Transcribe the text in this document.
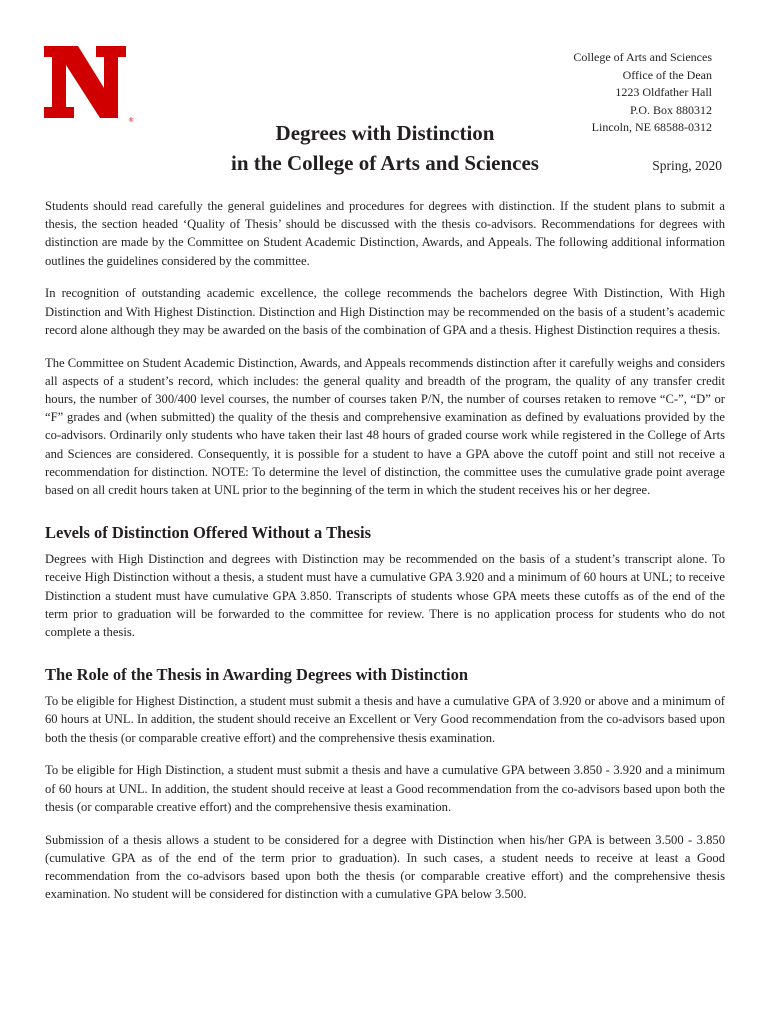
®
College of Arts and Sciences
Office of the Dean
1223 Oldfather Hall
P.O. Box 880312
Lincoln, NE 68588-0312
Degrees with Distinction
in the College of Arts and Sciences	Spring, 2020

Students should read carefully the general guidelines and procedures for degrees with distinction. If the student plans to submit a thesis, the section headed ‘Quality of Thesis’ should be discussed with the thesis co-advisors. Recommendations for degrees with distinction are made by the Committee on Student Academic Distinction, Awards, and Appeals. The following additional information outlines the guidelines considered by the committee.

In recognition of outstanding academic excellence, the college recommends the bachelors degree With Distinction, With High Distinction and With Highest Distinction. Distinction and High Distinction may be recommended on the basis of a student’s academic record alone although they may be awarded on the basis of the combination of GPA and a thesis. Highest Distinction requires a thesis.

The Committee on Student Academic Distinction, Awards, and Appeals recommends distinction after it carefully weighs and considers all aspects of a student’s record, which includes: the general quality and breadth of the program, the quality of any transfer credit hours, the number of 300/400 level courses, the number of courses taken P/N, the number of courses retaken to remove “C-”, “D” or “F” grades and (when submitted) the quality of the thesis and comprehensive examination as defined by evaluations provided by the co-advisors. Ordinarily only students who have taken their last 48 hours of graded course work while registered in the College of Arts and Sciences are considered. Consequently, it is possible for a student to have a GPA above the cutoff point and still not receive a recommendation for distinction. NOTE: To determine the level of distinction, the committee uses the cumulative grade point average based on all credit hours taken at UNL prior to the beginning of the term in which the student receives his or her degree.

Levels of Distinction Offered Without a Thesis

Degrees with High Distinction and degrees with Distinction may be recommended on the basis of a student’s transcript alone. To receive High Distinction without a thesis, a student must have a cumulative GPA 3.920 and a minimum of 60 hours at UNL; to receive Distinction a student must have cumulative GPA 3.850. Transcripts of students whose GPA meets these cutoffs as of the end of the term prior to graduation will be forwarded to the committee for review. There is no application process for students who do not complete a thesis.

The Role of the Thesis in Awarding Degrees with Distinction

To be eligible for Highest Distinction, a student must submit a thesis and have a cumulative GPA of 3.920 or above and a minimum of 60 hours at UNL. In addition, the student should receive an Excellent or Very Good recommendation from the co-advisors based upon both the thesis (or comparable creative effort) and the comprehensive thesis examination.

To be eligible for High Distinction, a student must submit a thesis and have a cumulative GPA between 3.850 - 3.920 and a minimum of 60 hours at UNL. In addition, the student should receive at least a Good recommendation from the co-advisors based upon both the thesis (or comparable creative effort) and the comprehensive thesis examination.

Submission of a thesis allows a student to be considered for a degree with Distinction when his/her GPA is between 3.500 - 3.850 (cumulative GPA as of the end of the term prior to graduation). In such cases, a student needs to receive at least a Good recommendation from the co-advisors based upon both the thesis (or comparable creative effort) and the comprehensive thesis examination. No student will be considered for distinction with a cumulative GPA below 3.500.
